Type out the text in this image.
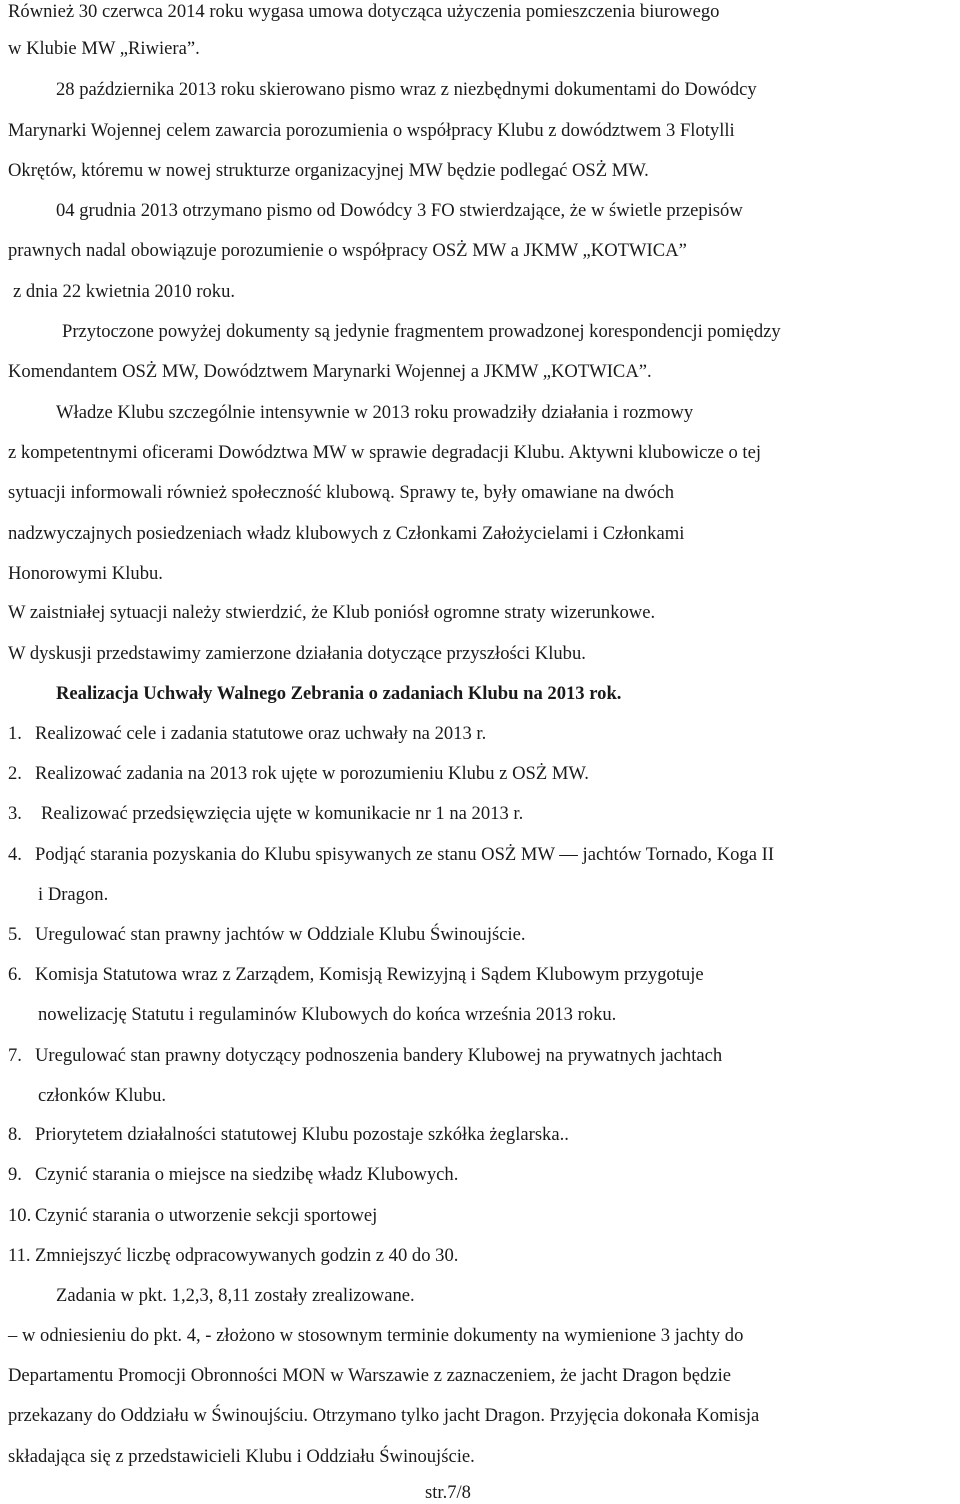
Również 30 czerwca 2014 roku wygasa umowa dotycząca użyczenia pomieszczenia biurowego

w Klubie MW „Riwiera”.

28 października 2013 roku skierowano pismo wraz z niezbędnymi dokumentami do Dowódcy

Marynarki Wojennej celem zawarcia porozumienia o współpracy Klubu z dowództwem 3 Flotylli

Okrętów, któremu w nowej strukturze organizacyjnej MW będzie podlegać OSŻ MW.

04 grudnia 2013 otrzymano pismo od Dowódcy 3 FO stwierdzające, że w świetle przepisów

prawnych nadal obowiązuje porozumienie o współpracy OSŻ MW a JKMW „KOTWICA”

z dnia 22 kwietnia 2010 roku.

Przytoczone powyżej dokumenty są jedynie fragmentem prowadzonej korespondencji pomiędzy

Komendantem OSŻ MW, Dowództwem Marynarki Wojennej a JKMW „KOTWICA”.

Władze Klubu szczególnie intensywnie w 2013 roku prowadziły działania i rozmowy

z kompetentnymi oficerami Dowództwa MW w sprawie degradacji Klubu. Aktywni klubowicze o tej

sytuacji informowali również społeczność klubową. Sprawy te, były omawiane na dwóch

nadzwyczajnych posiedzeniach władz klubowych z Członkami Założycielami i Członkami

Honorowymi Klubu.

W zaistniałej sytuacji należy stwierdzić, że Klub poniósł ogromne straty wizerunkowe.

W dyskusji przedstawimy zamierzone działania dotyczące przyszłości Klubu.

Realizacja Uchwały Walnego Zebrania o zadaniach Klubu na 2013 rok.

1. Realizować cele i zadania statutowe oraz uchwały na 2013 r.
2. Realizować zadania na 2013 rok ujęte w porozumieniu Klubu z OSŻ MW.
3. Realizować przedsięwzięcia ujęte w komunikacie nr 1 na 2013 r.
4. Podjąć starania pozyskania do Klubu spisywanych ze stanu OSŻ MW — jachtów Tornado, Koga II
i Dragon.
5. Uregulować stan prawny jachtów w Oddziale Klubu Świnoujście.
6. Komisja Statutowa wraz z Zarządem, Komisją Rewizyjną i Sądem Klubowym przygotuje
nowelizację Statutu i regulaminów Klubowych do końca września 2013 roku.
7. Uregulować stan prawny dotyczący podnoszenia bandery Klubowej na prywatnych jachtach
członków Klubu.
8. Priorytetem działalności statutowej Klubu pozostaje szkółka żeglarska..
9. Czynić starania o miejsce na siedzibę władz Klubowych.
10. Czynić starania o utworzenie sekcji sportowej
11. Zmniejszyć liczbę odpracowywanych godzin z 40 do 30.

Zadania w pkt. 1,2,3, 8,11 zostały zrealizowane.

– w odniesieniu do pkt. 4, - złożono w stosownym terminie dokumenty na wymienione 3 jachty do

Departamentu Promocji Obronności MON w Warszawie z zaznaczeniem, że jacht Dragon będzie

przekazany do Oddziału w Świnoujściu. Otrzymano tylko jacht Dragon. Przyjęcia dokonała Komisja

składająca się z przedstawicieli Klubu i Oddziału Świnoujście.

str.7/8
